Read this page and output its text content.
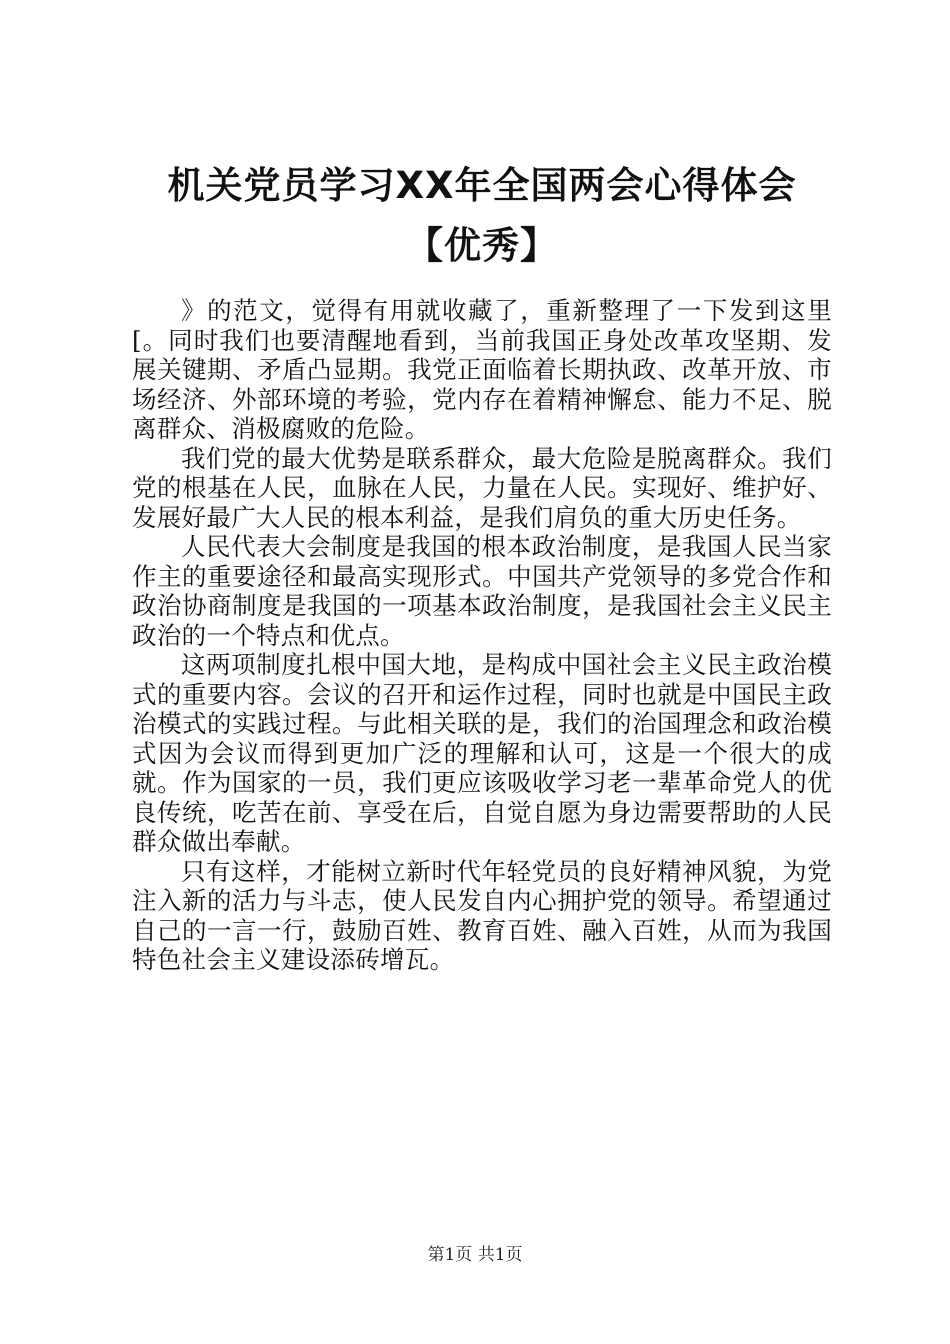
机关党员学习XX年全国两会心得体会【优秀】

》的范文，觉得有用就收藏了，重新整理了一下发到这里[。同时我们也要清醒地看到，当前我国正身处改革攻坚期、发展关键期、矛盾凸显期。我党正面临着长期执政、改革开放、市场经济、外部环境的考验，党内存在着精神懈怠、能力不足、脱离群众、消极腐败的危险。

我们党的最大优势是联系群众，最大危险是脱离群众。我们党的根基在人民，血脉在人民，力量在人民。实现好、维护好、发展好最广大人民的根本利益，是我们肩负的重大历史任务。

人民代表大会制度是我国的根本政治制度，是我国人民当家作主的重要途径和最高实现形式。中国共产党领导的多党合作和政治协商制度是我国的一项基本政治制度，是我国社会主义民主政治的一个特点和优点。

这两项制度扎根中国大地，是构成中国社会主义民主政治模式的重要内容。会议的召开和运作过程，同时也就是中国民主政治模式的实践过程。与此相关联的是，我们的治国理念和政治模式因为会议而得到更加广泛的理解和认可，这是一个很大的成就。作为国家的一员，我们更应该吸收学习老一辈革命党人的优良传统，吃苦在前、享受在后，自觉自愿为身边需要帮助的人民群众做出奉献。

只有这样，才能树立新时代年轻党员的良好精神风貌，为党注入新的活力与斗志，使人民发自内心拥护党的领导。希望通过自己的一言一行，鼓励百姓、教育百姓、融入百姓，从而为我国特色社会主义建设添砖增瓦。

第1页 共1页
